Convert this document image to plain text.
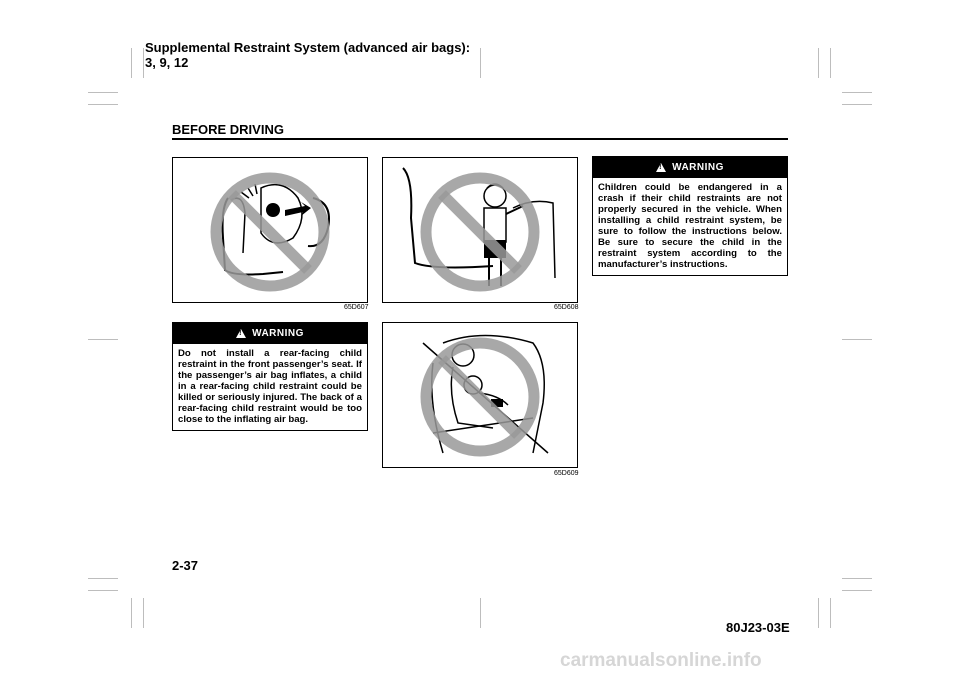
Supplemental Restraint System (advanced air bags):
3, 9, 12
BEFORE DRIVING
65D607
!
WARNING
Do not install a rear-facing child restraint in the front passenger’s seat. If the passenger’s air bag inflates, a child in a rear-facing child restraint could be killed or seriously injured. The back of a rear-facing child restraint would be too close to the inflating air bag.
65D608
65D609
!
WARNING
Children could be endangered in a crash if their child restraints are not properly secured in the vehicle. When installing a child restraint system, be sure to follow the instructions below. Be sure to secure the child in the restraint system according to the manufacturer’s instructions.
2-37
80J23-03E
carmanualsonline.info
